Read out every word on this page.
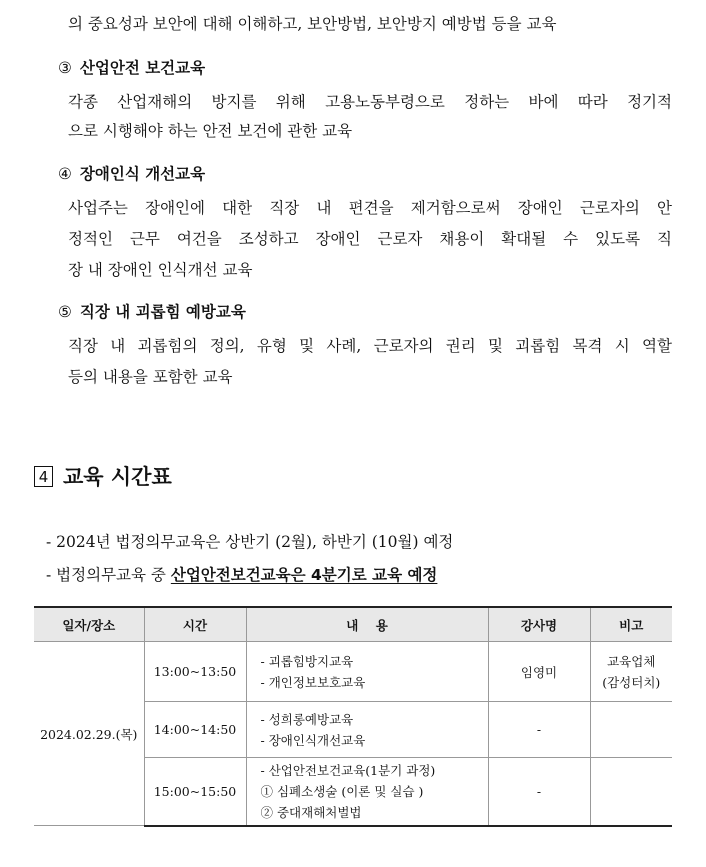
의 중요성과 보안에 대해 이해하고, 보안방법, 보안방지 예방법 등을 교육
③ 산업안전 보건교육
각종 산업재해의 방지를 위해 고용노동부령으로 정하는 바에 따라 정기적
으로 시행해야 하는 안전 보건에 관한 교육
④ 장애인식 개선교육
사업주는 장애인에 대한 직장 내 편견을 제거함으로써 장애인 근로자의 안
정적인 근무 여건을 조성하고 장애인 근로자 채용이 확대될 수 있도록 직
장 내 장애인 인식개선 교육
⑤ 직장 내 괴롭힘 예방교육
직장 내 괴롭힘의 정의, 유형 및 사례, 근로자의 권리 및 괴롭힘 목격 시 역할
등의 내용을 포함한 교육
4 교육 시간표
- 2024년 법정의무교육은 상반기 (2월), 하반기 (10월) 예정
- 법정의무교육 중 산업안전보건교육은 4분기로 교육 예정
일자/장소	시간	내    용	강사명	비고
2024.02.29.(목)	13:00~13:50	- 괴롭힘방지교육
- 개인정보보호교육	임영미	교육업체
(감성터치)

	14:00~14:50	- 성희롱예방교육
- 장애인식개선교육	-	
	15:00~15:50	- 산업안전보건교육(1분기 과정)
① 심폐소생술 (이론 및 실습 )
② 중대재해처벌법	-	
